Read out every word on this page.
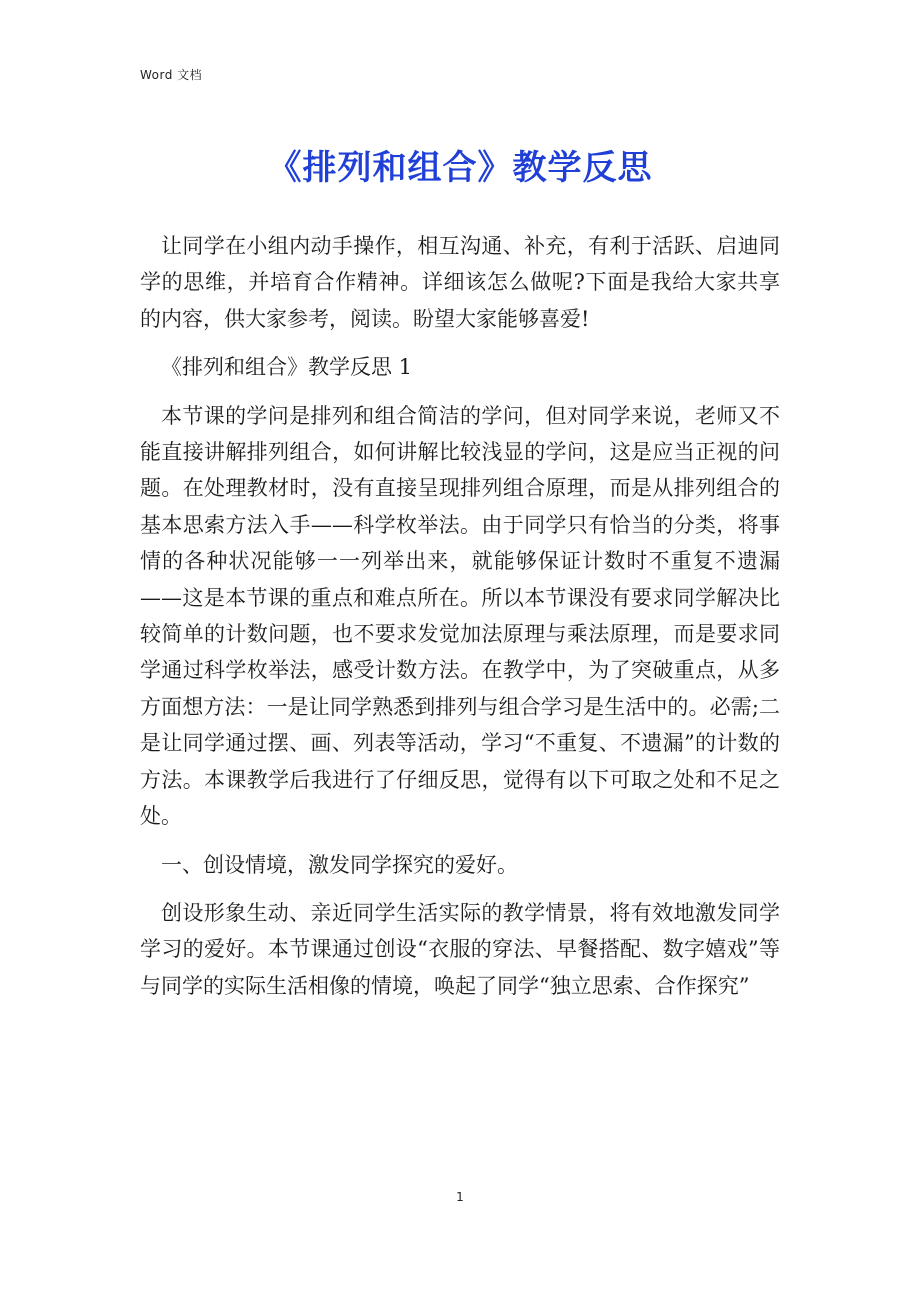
Word 文档
《排列和组合》教学反思

让同学在小组内动手操作，相互沟通、补充，有利于活跃、启迪同学的思维，并培育合作精神。详细该怎么做呢?下面是我给大家共享的内容，供大家参考，阅读。盼望大家能够喜爱!

《排列和组合》教学反思 1

本节课的学问是排列和组合简洁的学问，但对同学来说，老师又不能直接讲解排列组合，如何讲解比较浅显的学问，这是应当正视的问题。在处理教材时，没有直接呈现排列组合原理，而是从排列组合的基本思索方法入手——科学枚举法。由于同学只有恰当的分类，将事情的各种状况能够一一列举出来，就能够保证计数时不重复不遗漏——这是本节课的重点和难点所在。所以本节课没有要求同学解决比较简单的计数问题，也不要求发觉加法原理与乘法原理，而是要求同学通过科学枚举法，感受计数方法。在教学中，为了突破重点，从多方面想方法：一是让同学熟悉到排列与组合学习是生活中的。必需;二是让同学通过摆、画、列表等活动，学习“不重复、不遗漏”的计数的方法。本课教学后我进行了仔细反思，觉得有以下可取之处和不足之处。

一、创设情境，激发同学探究的爱好。

创设形象生动、亲近同学生活实际的教学情景，将有效地激发同学学习的爱好。本节课通过创设“衣服的穿法、早餐搭配、数字嬉戏”等与同学的实际生活相像的情境，唤起了同学“独立思索、合作探究”

1
